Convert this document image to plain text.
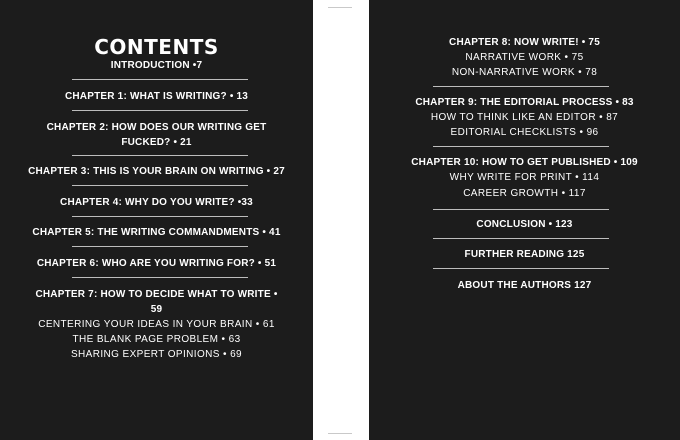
CONTENTS
INTRODUCTION •7
CHAPTER 1: WHAT IS WRITING? • 13
CHAPTER 2: HOW DOES OUR WRITING GET
FUCKED? • 21
CHAPTER 3: THIS IS YOUR BRAIN ON WRITING • 27
CHAPTER 4: WHY DO YOU WRITE? •33
CHAPTER 5: THE WRITING COMMANDMENTS • 41
CHAPTER 6: WHO ARE YOU WRITING FOR? • 51
CHAPTER 7: HOW TO DECIDE WHAT TO WRITE •
59
CENTERING YOUR IDEAS IN YOUR BRAIN • 61
THE BLANK PAGE PROBLEM • 63
SHARING EXPERT OPINIONS • 69
CHAPTER 8: NOW WRITE! • 75
NARRATIVE WORK • 75
NON-NARRATIVE WORK • 78
CHAPTER 9: THE EDITORIAL PROCESS • 83
HOW TO THINK LIKE AN EDITOR • 87
EDITORIAL CHECKLISTS • 96
CHAPTER 10: HOW TO GET PUBLISHED • 109
WHY WRITE FOR PRINT • 114
CAREER GROWTH • 117
CONCLUSION • 123
FURTHER READING 125
ABOUT THE AUTHORS 127
